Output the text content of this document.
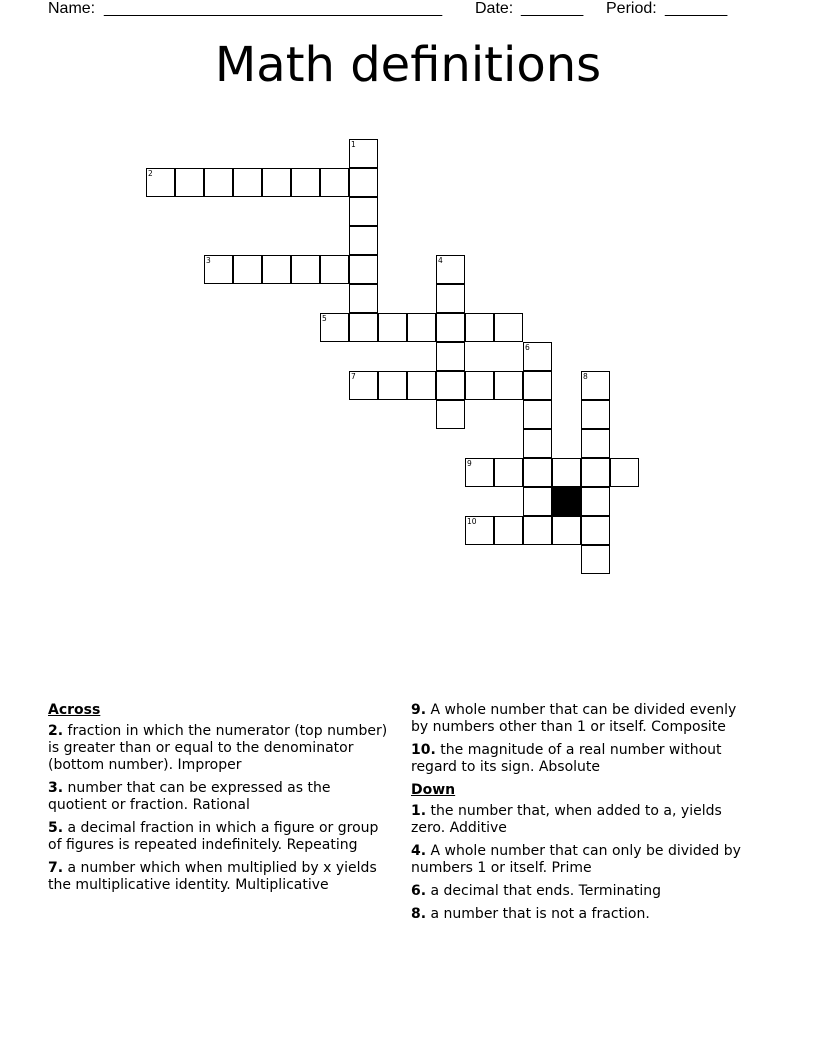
Name: ______________________________________ Date: _______ Period: _______
Math definitions
1
2
3	4
5
6
7	8
9
10
Across
2. fraction in which the numerator (top number) is greater than or equal to the denominator (bottom number). Improper
3. number that can be expressed as the quotient or fraction. Rational
5. a decimal fraction in which a figure or group of figures is repeated indefinitely. Repeating
7. a number which when multiplied by x yields the multiplicative identity. Multiplicative
9. A whole number that can be divided evenly by numbers other than 1 or itself. Composite
10. the magnitude of a real number without regard to its sign. Absolute
Down
1. the number that, when added to a, yields zero. Additive
4. A whole number that can only be divided by numbers 1 or itself. Prime
6. a decimal that ends. Terminating
8. a number that is not a fraction.
